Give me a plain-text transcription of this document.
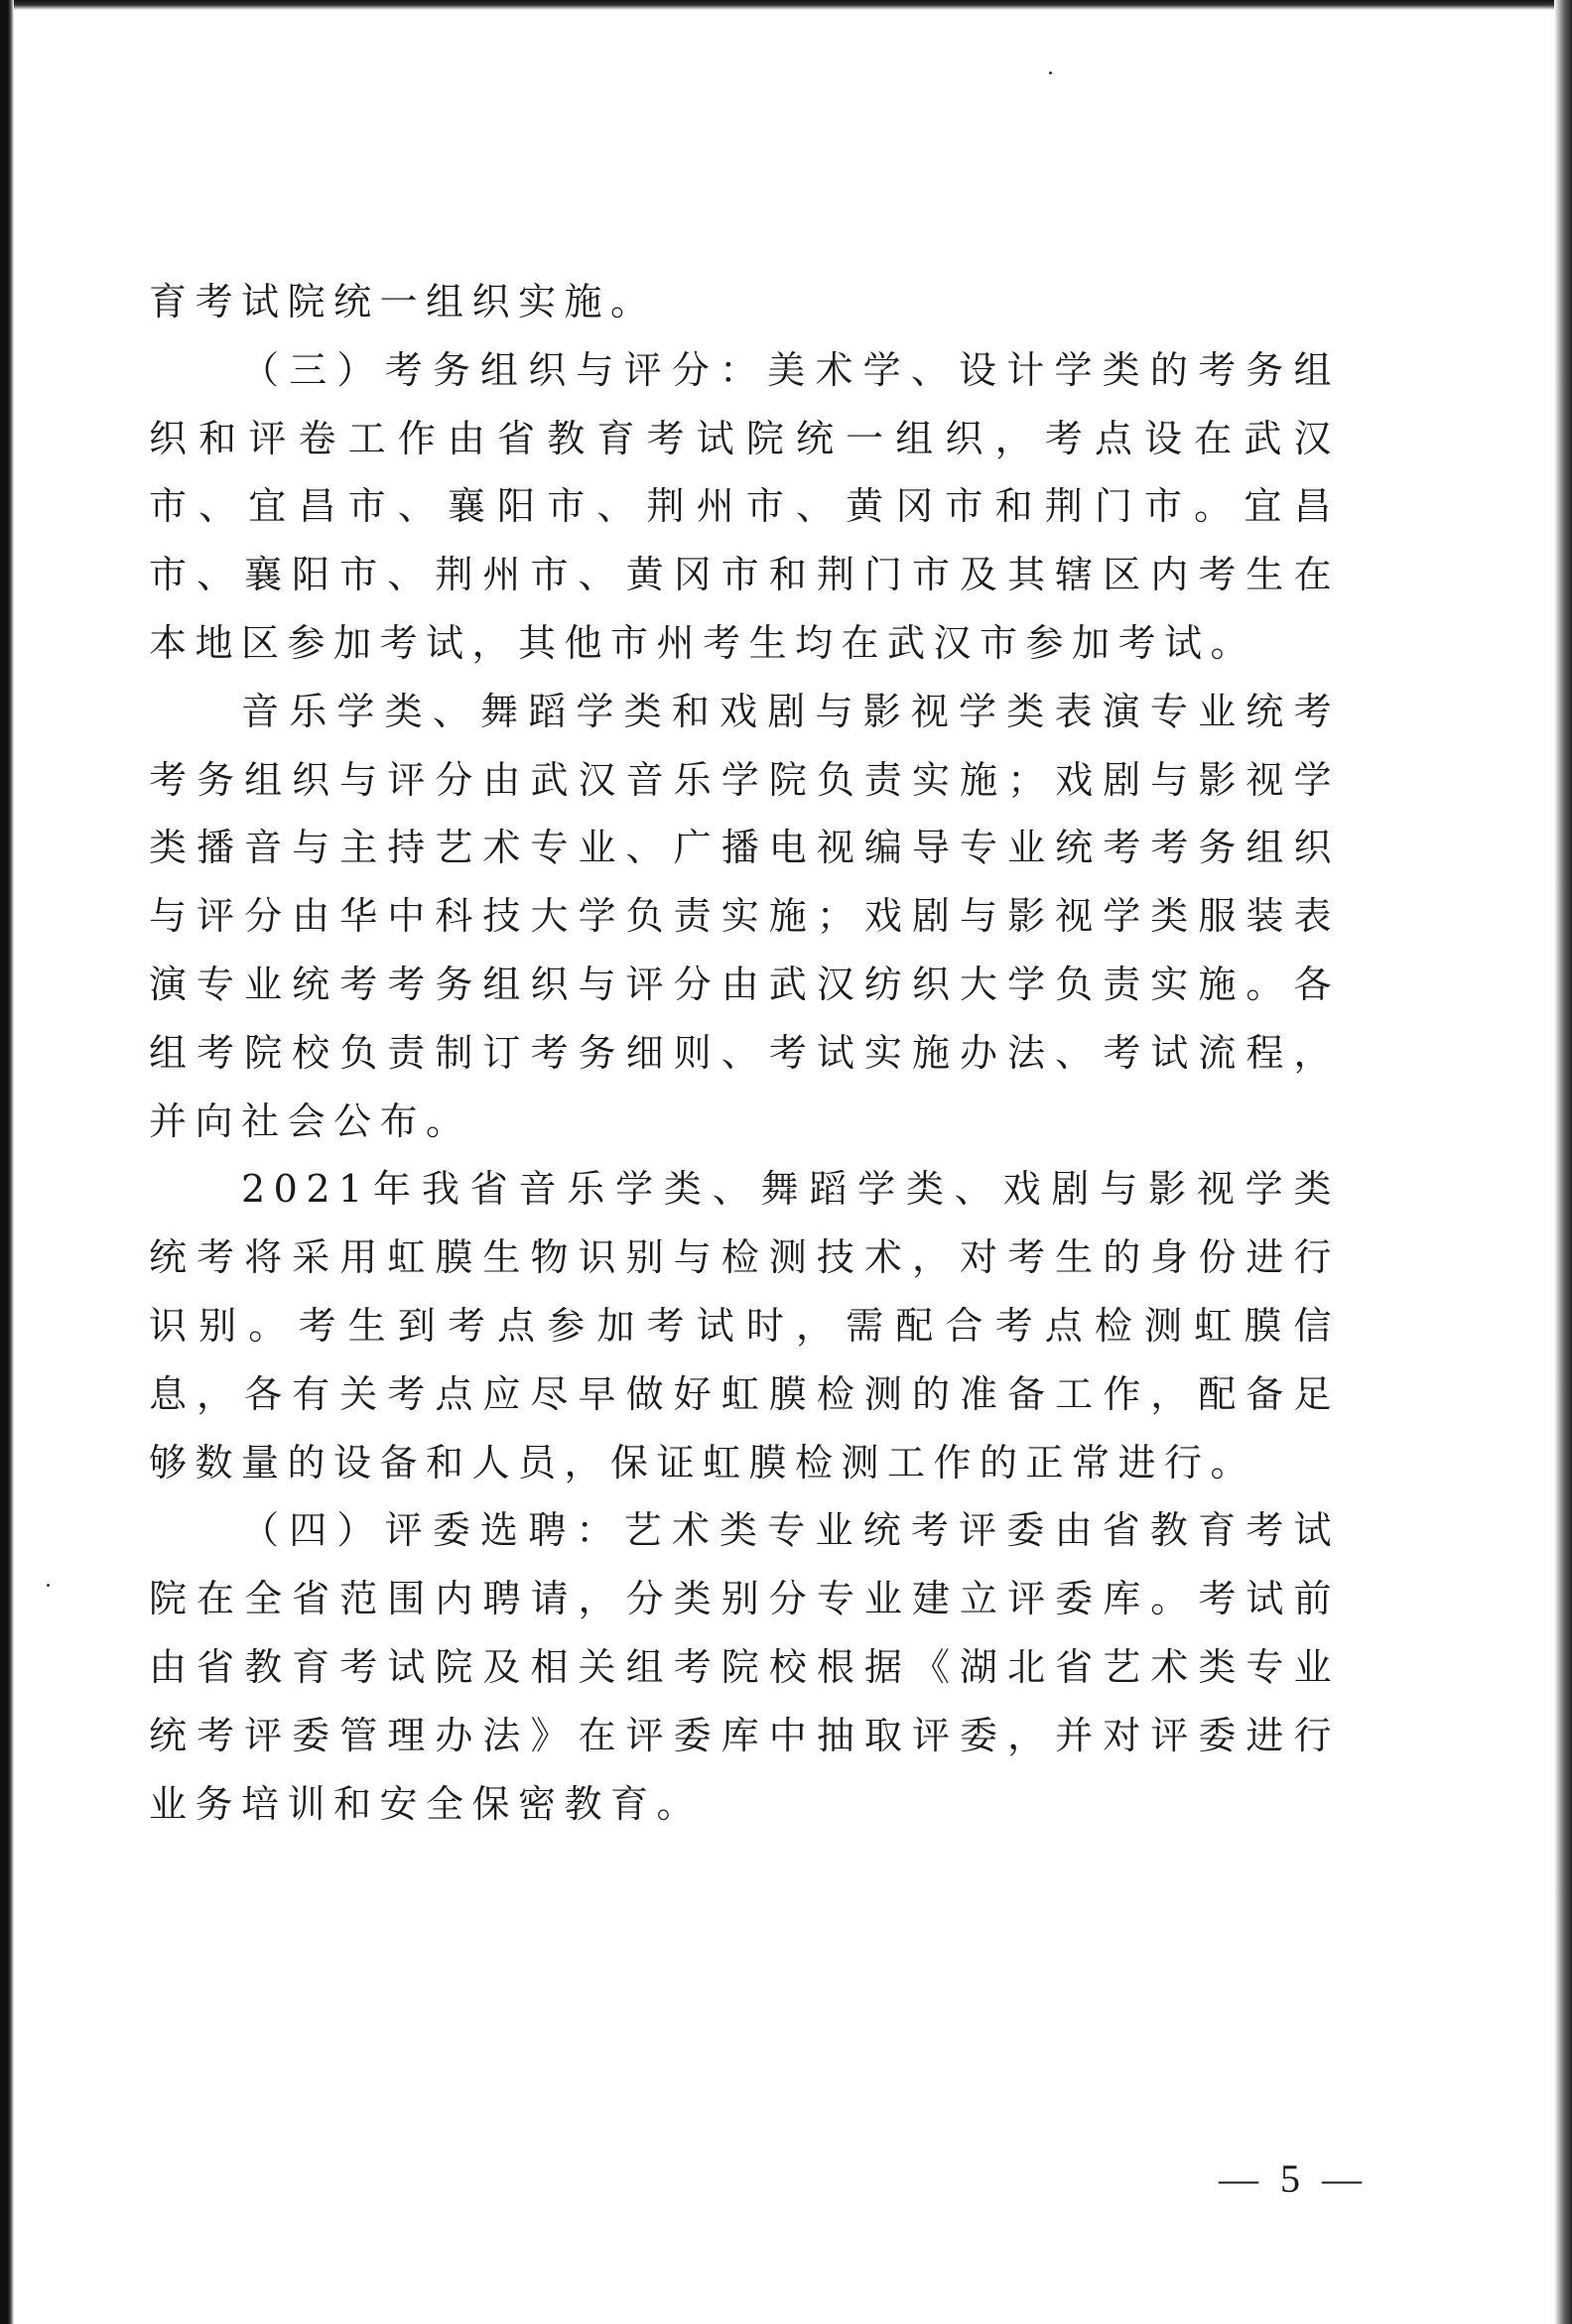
育考试院统一组织实施。

（三）考务组织与评分：美术学、设计学类的考务组织和评卷工作由省教育考试院统一组织，考点设在武汉市、宜昌市、襄阳市、荆州市、黄冈市和荆门市。宜昌市、襄阳市、荆州市、黄冈市和荆门市及其辖区内考生在本地区参加考试，其他市州考生均在武汉市参加考试。

音乐学类、舞蹈学类和戏剧与影视学类表演专业统考考务组织与评分由武汉音乐学院负责实施；戏剧与影视学类播音与主持艺术专业、广播电视编导专业统考考务组织与评分由华中科技大学负责实施；戏剧与影视学类服装表演专业统考考务组织与评分由武汉纺织大学负责实施。各组考院校负责制订考务细则、考试实施办法、考试流程，并向社会公布。

2021年我省音乐学类、舞蹈学类、戏剧与影视学类统考将采用虹膜生物识别与检测技术，对考生的身份进行识别。考生到考点参加考试时，需配合考点检测虹膜信息，各有关考点应尽早做好虹膜检测的准备工作，配备足够数量的设备和人员，保证虹膜检测工作的正常进行。

（四）评委选聘：艺术类专业统考评委由省教育考试院在全省范围内聘请，分类别分专业建立评委库。考试前由省教育考试院及相关组考院校根据《湖北省艺术类专业统考评委管理办法》在评委库中抽取评委，并对评委进行业务培训和安全保密教育。

— 5 —
